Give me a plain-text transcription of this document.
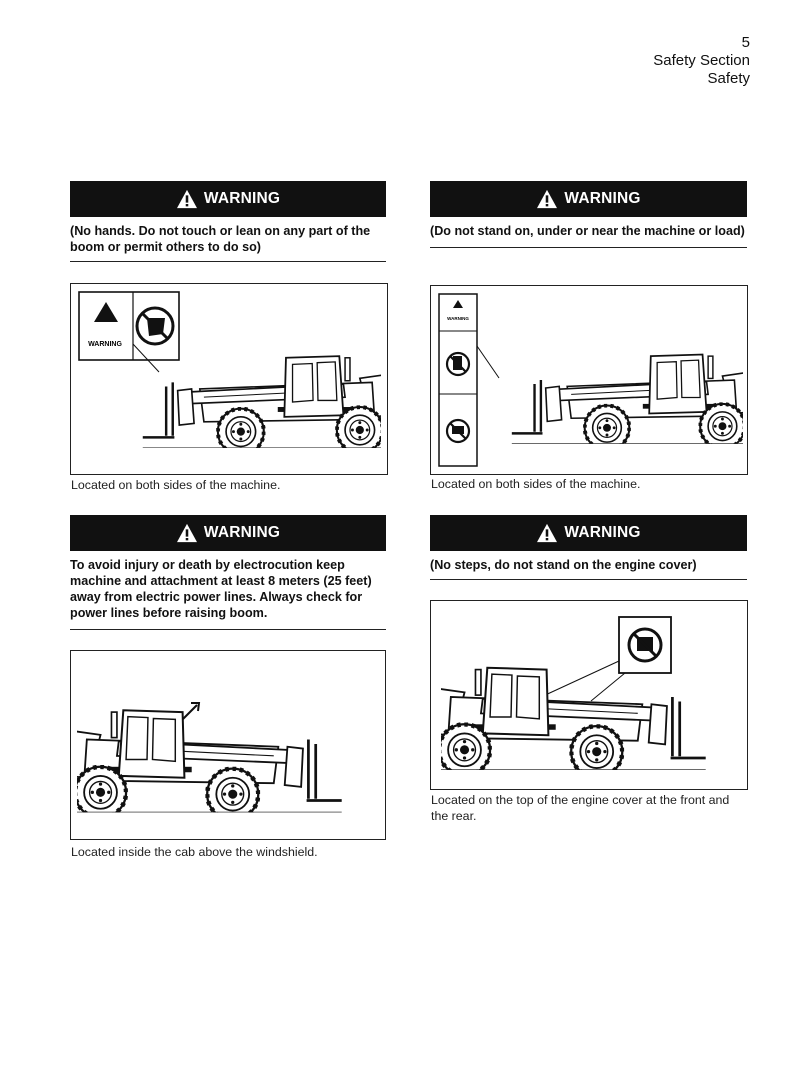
5
Safety Section
Safety
WARNING
(No hands. Do not touch or lean on any part of the boom or permit others to do so)
WARNING
Located on both sides of the machine.
WARNING
(Do not stand on, under or near the machine or load)
WARNING
Located on both sides of the machine.
WARNING
To avoid injury or death by electrocution keep machine and attachment at least 8 meters (25 feet) away from electric power lines. Always check for power lines before raising boom.
Located inside the cab above the windshield.
WARNING
(No steps, do not stand on the engine cover)
Located on the top of the engine cover at the front and the rear.
